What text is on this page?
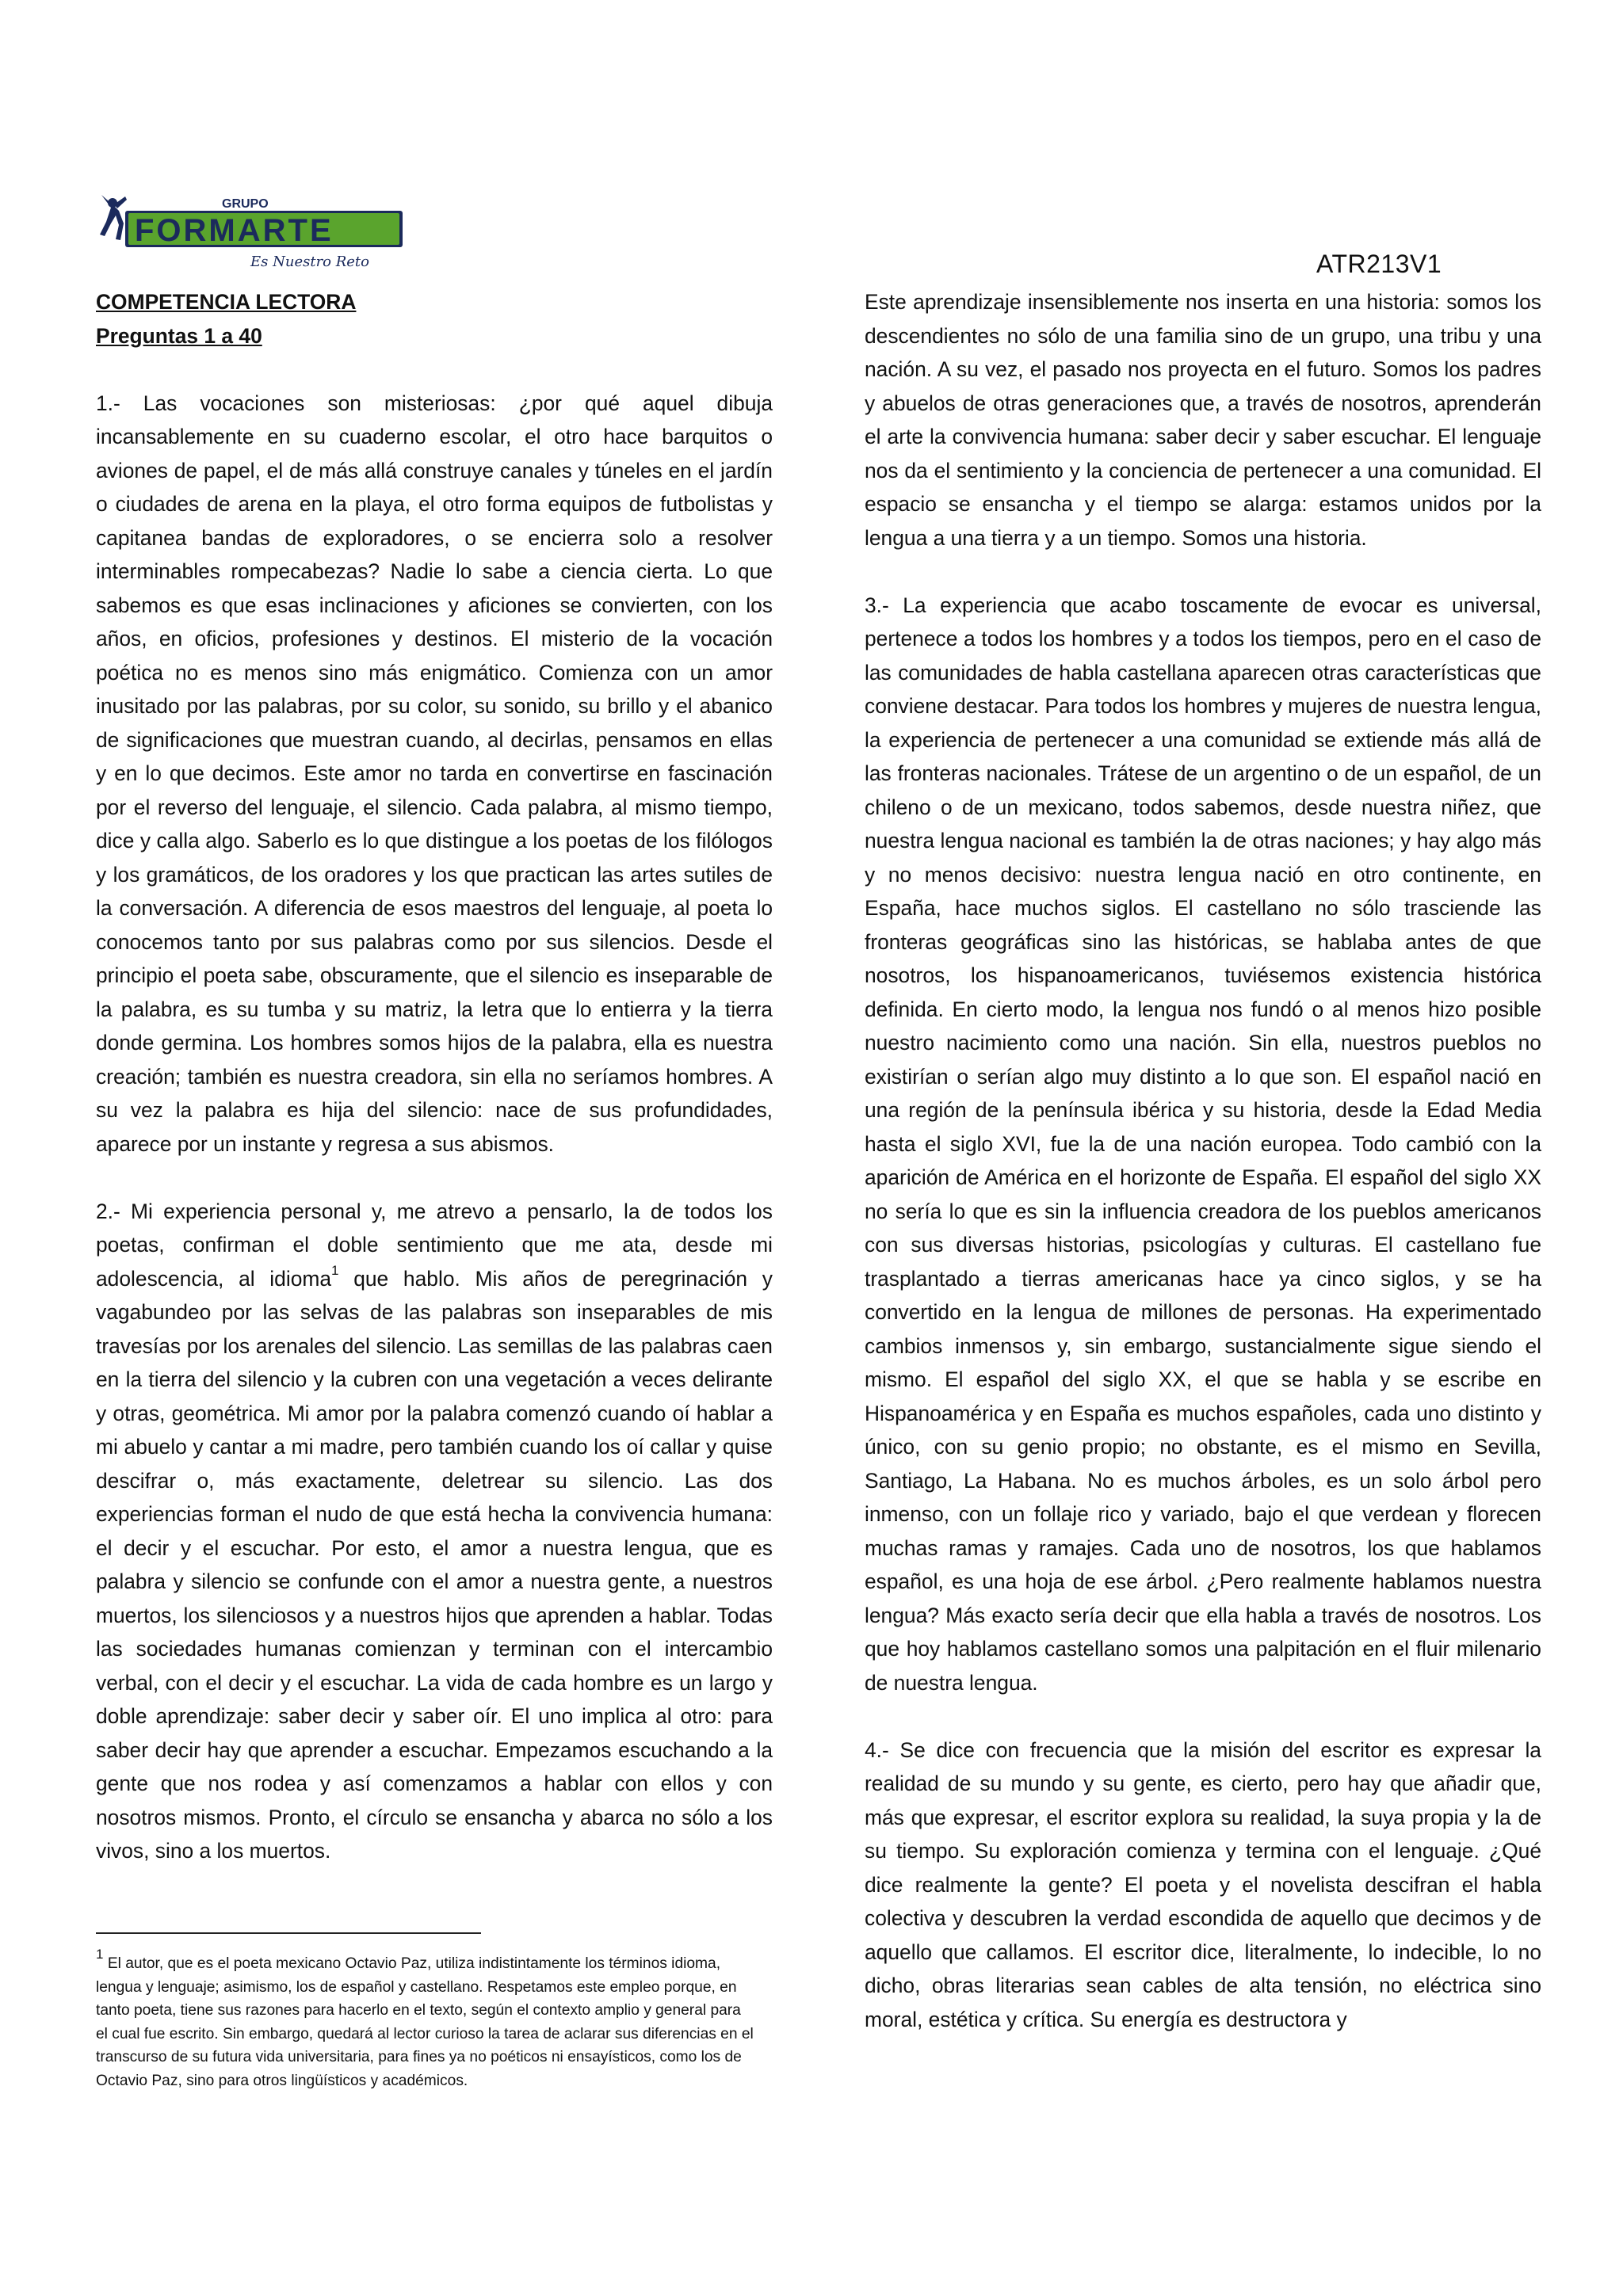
GRUPO
FORMARTE
Es Nuestro Reto	ATR213V1
COMPETENCIA LECTORA
Preguntas 1 a 40

1.- Las vocaciones son misteriosas: ¿por qué aquel dibuja incansablemente en su cuaderno escolar, el otro hace barquitos o aviones de papel, el de más allá construye canales y túneles en el jardín o ciudades de arena en la playa, el otro forma equipos de futbolistas y capitanea bandas de exploradores, o se encierra solo a resolver interminables rompecabezas? Nadie lo sabe a ciencia cierta. Lo que sabemos es que esas inclinaciones y aficiones se convierten, con los años, en oficios, profesiones y destinos. El misterio de la vocación poética no es menos sino más enigmático. Comienza con un amor inusitado por las palabras, por su color, su sonido, su brillo y el abanico de significaciones que muestran cuando, al decirlas, pensamos en ellas y en lo que decimos. Este amor no tarda en convertirse en fascinación por el reverso del lenguaje, el silencio. Cada palabra, al mismo tiempo, dice y calla algo. Saberlo es lo que distingue a los poetas de los filólogos y los gramáticos, de los oradores y los que practican las artes sutiles de la conversación. A diferencia de esos maestros del lenguaje, al poeta lo conocemos tanto por sus palabras como por sus silencios. Desde el principio el poeta sabe, obscuramente, que el silencio es inseparable de la palabra, es su tumba y su matriz, la letra que lo entierra y la tierra donde germina. Los hombres somos hijos de la palabra, ella es nuestra creación; también es nuestra creadora, sin ella no seríamos hombres. A su vez la palabra es hija del silencio: nace de sus profundidades, aparece por un instante y regresa a sus abismos.

2.- Mi experiencia personal y, me atrevo a pensarlo, la de todos los poetas, confirman el doble sentimiento que me ata, desde mi adolescencia, al idioma$^1$ que hablo. Mis años de peregrinación y vagabundeo por las selvas de las palabras son inseparables de mis travesías por los arenales del silencio. Las semillas de las palabras caen en la tierra del silencio y la cubren con una vegetación a veces delirante y otras, geométrica. Mi amor por la palabra comenzó cuando oí hablar a mi abuelo y cantar a mi madre, pero también cuando los oí callar y quise descifrar o, más exactamente, deletrear su silencio. Las dos experiencias forman el nudo de que está hecha la convivencia humana: el decir y el escuchar. Por esto, el amor a nuestra lengua, que es palabra y silencio se confunde con el amor a nuestra gente, a nuestros muertos, los silenciosos y a nuestros hijos que aprenden a hablar. Todas las sociedades humanas comienzan y terminan con el intercambio verbal, con el decir y el escuchar. La vida de cada hombre es un largo y doble aprendizaje: saber decir y saber oír. El uno implica al otro: para saber decir hay que aprender a escuchar. Empezamos escuchando a la gente que nos rodea y así comenzamos a hablar con ellos y con nosotros mismos. Pronto, el círculo se ensancha y abarca no sólo a los vivos, sino a los muertos.

$^1$ El autor, que es el poeta mexicano Octavio Paz, utiliza indistintamente los términos idioma, lengua y lenguaje; asimismo, los de español y castellano. Respetamos este empleo porque, en tanto poeta, tiene sus razones para hacerlo en el texto, según el contexto amplio y general para el cual fue escrito. Sin embargo, quedará al lector curioso la tarea de aclarar sus diferencias en el transcurso de su futura vida universitaria, para fines ya no poéticos ni ensayísticos, como los de Octavio Paz, sino para otros lingüísticos y académicos.

Este aprendizaje insensiblemente nos inserta en una historia: somos los descendientes no sólo de una familia sino de un grupo, una tribu y una nación. A su vez, el pasado nos proyecta en el futuro. Somos los padres y abuelos de otras generaciones que, a través de nosotros, aprenderán el arte la convivencia humana: saber decir y saber escuchar. El lenguaje nos da el sentimiento y la conciencia de pertenecer a una comunidad. El espacio se ensancha y el tiempo se alarga: estamos unidos por la lengua a una tierra y a un tiempo. Somos una historia.

3.- La experiencia que acabo toscamente de evocar es universal, pertenece a todos los hombres y a todos los tiempos, pero en el caso de las comunidades de habla castellana aparecen otras características que conviene destacar. Para todos los hombres y mujeres de nuestra lengua, la experiencia de pertenecer a una comunidad se extiende más allá de las fronteras nacionales. Trátese de un argentino o de un español, de un chileno o de un mexicano, todos sabemos, desde nuestra niñez, que nuestra lengua nacional es también la de otras naciones; y hay algo más y no menos decisivo: nuestra lengua nació en otro continente, en España, hace muchos siglos. El castellano no sólo trasciende las fronteras geográficas sino las históricas, se hablaba antes de que nosotros, los hispanoamericanos, tuviésemos existencia histórica definida. En cierto modo, la lengua nos fundó o al menos hizo posible nuestro nacimiento como una nación. Sin ella, nuestros pueblos no existirían o serían algo muy distinto a lo que son. El español nació en una región de la península ibérica y su historia, desde la Edad Media hasta el siglo XVI, fue la de una nación europea. Todo cambió con la aparición de América en el horizonte de España. El español del siglo XX no sería lo que es sin la influencia creadora de los pueblos americanos con sus diversas historias, psicologías y culturas. El castellano fue trasplantado a tierras americanas hace ya cinco siglos, y se ha convertido en la lengua de millones de personas. Ha experimentado cambios inmensos y, sin embargo, sustancialmente sigue siendo el mismo. El español del siglo XX, el que se habla y se escribe en Hispanoamérica y en España es muchos españoles, cada uno distinto y único, con su genio propio; no obstante, es el mismo en Sevilla, Santiago, La Habana. No es muchos árboles, es un solo árbol pero inmenso, con un follaje rico y variado, bajo el que verdean y florecen muchas ramas y ramajes. Cada uno de nosotros, los que hablamos español, es una hoja de ese árbol. ¿Pero realmente hablamos nuestra lengua? Más exacto sería decir que ella habla a través de nosotros. Los que hoy hablamos castellano somos una palpitación en el fluir milenario de nuestra lengua.

4.- Se dice con frecuencia que la misión del escritor es expresar la realidad de su mundo y su gente, es cierto, pero hay que añadir que, más que expresar, el escritor explora su realidad, la suya propia y la de su tiempo. Su exploración comienza y termina con el lenguaje. ¿Qué dice realmente la gente? El poeta y el novelista descifran el habla colectiva y descubren la verdad escondida de aquello que decimos y de aquello que callamos. El escritor dice, literalmente, lo indecible, lo no dicho, obras literarias sean cables de alta tensión, no eléctrica sino moral, estética y crítica. Su energía es destructora y
